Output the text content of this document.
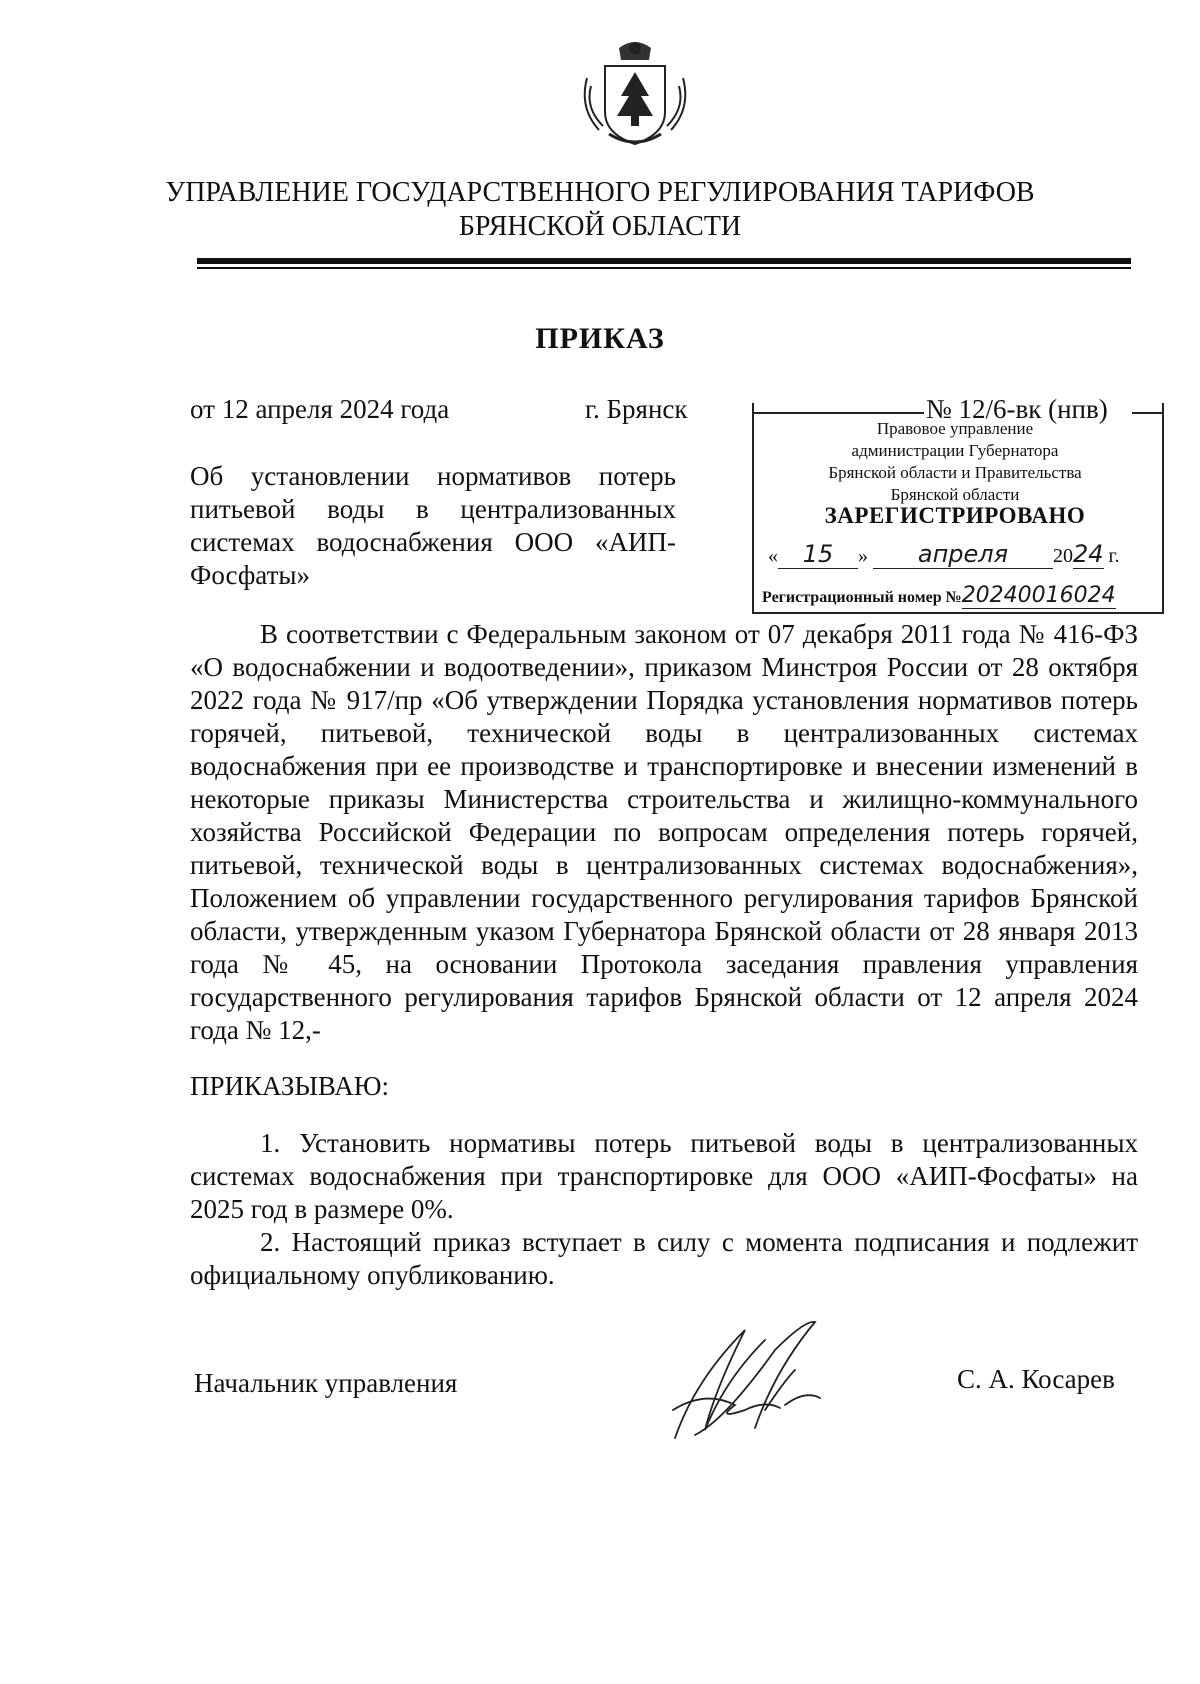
УПРАВЛЕНИЕ ГОСУДАРСТВЕННОГО РЕГУЛИРОВАНИЯ ТАРИФОВ
БРЯНСКОЙ ОБЛАСТИ
ПРИКАЗ
от 12 апреля 2024 года	г. Брянск	№ 12/6-вк (нпв)
Правовое управление
администрации Губернатора
Брянской области и Правительства
Брянской области
ЗАРЕГИСТРИРОВАНО
« 15 » апреля 2024 г.
Регистрационный номер №20240016024
Об установлении нормативов потерь питьевой воды в централизованных системах водоснабжения ООО «АИП-Фосфаты»
В соответствии с Федеральным законом от 07 декабря 2011 года № 416-ФЗ «О водоснабжении и водоотведении», приказом Минстроя России от 28 октября 2022 года № 917/пр «Об утверждении Порядка установления нормативов потерь горячей, питьевой, технической воды в централизованных системах водоснабжения при ее производстве и транспортировке и внесении изменений в некоторые приказы Министерства строительства и жилищно-коммунального хозяйства Российской Федерации по вопросам определения потерь горячей, питьевой, технической воды в централизованных системах водоснабжения», Положением об управлении государственного регулирования тарифов Брянской области, утвержденным указом Губернатора Брянской области от 28 января 2013 года № 45, на основании Протокола заседания правления управления государственного регулирования тарифов Брянской области от 12 апреля 2024 года № 12,-
ПРИКАЗЫВАЮ:
1. Установить нормативы потерь питьевой воды в централизованных системах водоснабжения при транспортировке для ООО «АИП-Фосфаты» на 2025 год в размере 0%.
2. Настоящий приказ вступает в силу с момента подписания и подлежит официальному опубликованию.
Начальник управления	С. А. Косарев
